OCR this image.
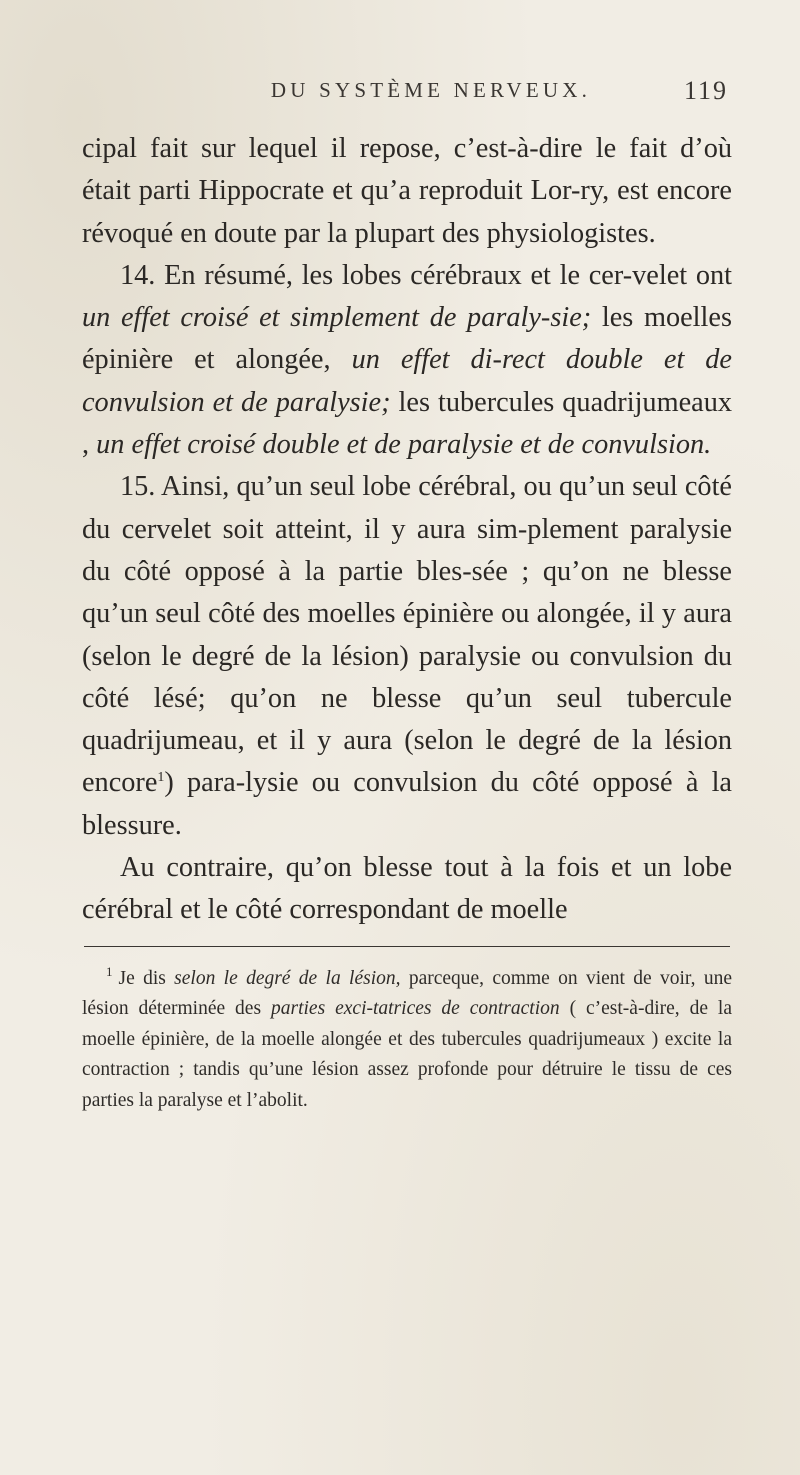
DU SYSTÈME NERVEUX.	119

cipal fait sur lequel il repose, c’est-à-dire le fait d’où était parti Hippocrate et qu’a reproduit Lor-ry, est encore révoqué en doute par la plupart des physiologistes.

14. En résumé, les lobes cérébraux et le cer-velet ont un effet croisé et simplement de paraly-sie; les moelles épinière et alongée, un effet di-rect double et de convulsion et de paralysie; les tubercules quadrijumeaux , un effet croisé double et de paralysie et de convulsion.

15. Ainsi, qu’un seul lobe cérébral, ou qu’un seul côté du cervelet soit atteint, il y aura sim-plement paralysie du côté opposé à la partie bles-sée ; qu’on ne blesse qu’un seul côté des moelles épinière ou alongée, il y aura (selon le degré de la lésion) paralysie ou convulsion du côté lésé; qu’on ne blesse qu’un seul tubercule quadrijumeau, et il y aura (selon le degré de la lésion encore$^1$) para-lysie ou convulsion du côté opposé à la blessure.

Au contraire, qu’on blesse tout à la fois et un lobe cérébral et le côté correspondant de moelle

$^1$ Je dis selon le degré de la lésion, parceque, comme on vient de voir, une lésion déterminée des parties exci-tatrices de contraction ( c’est-à-dire, de la moelle épinière, de la moelle alongée et des tubercules quadrijumeaux ) excite la contraction ; tandis qu’une lésion assez profonde pour détruire le tissu de ces parties la paralyse et l’abolit.
